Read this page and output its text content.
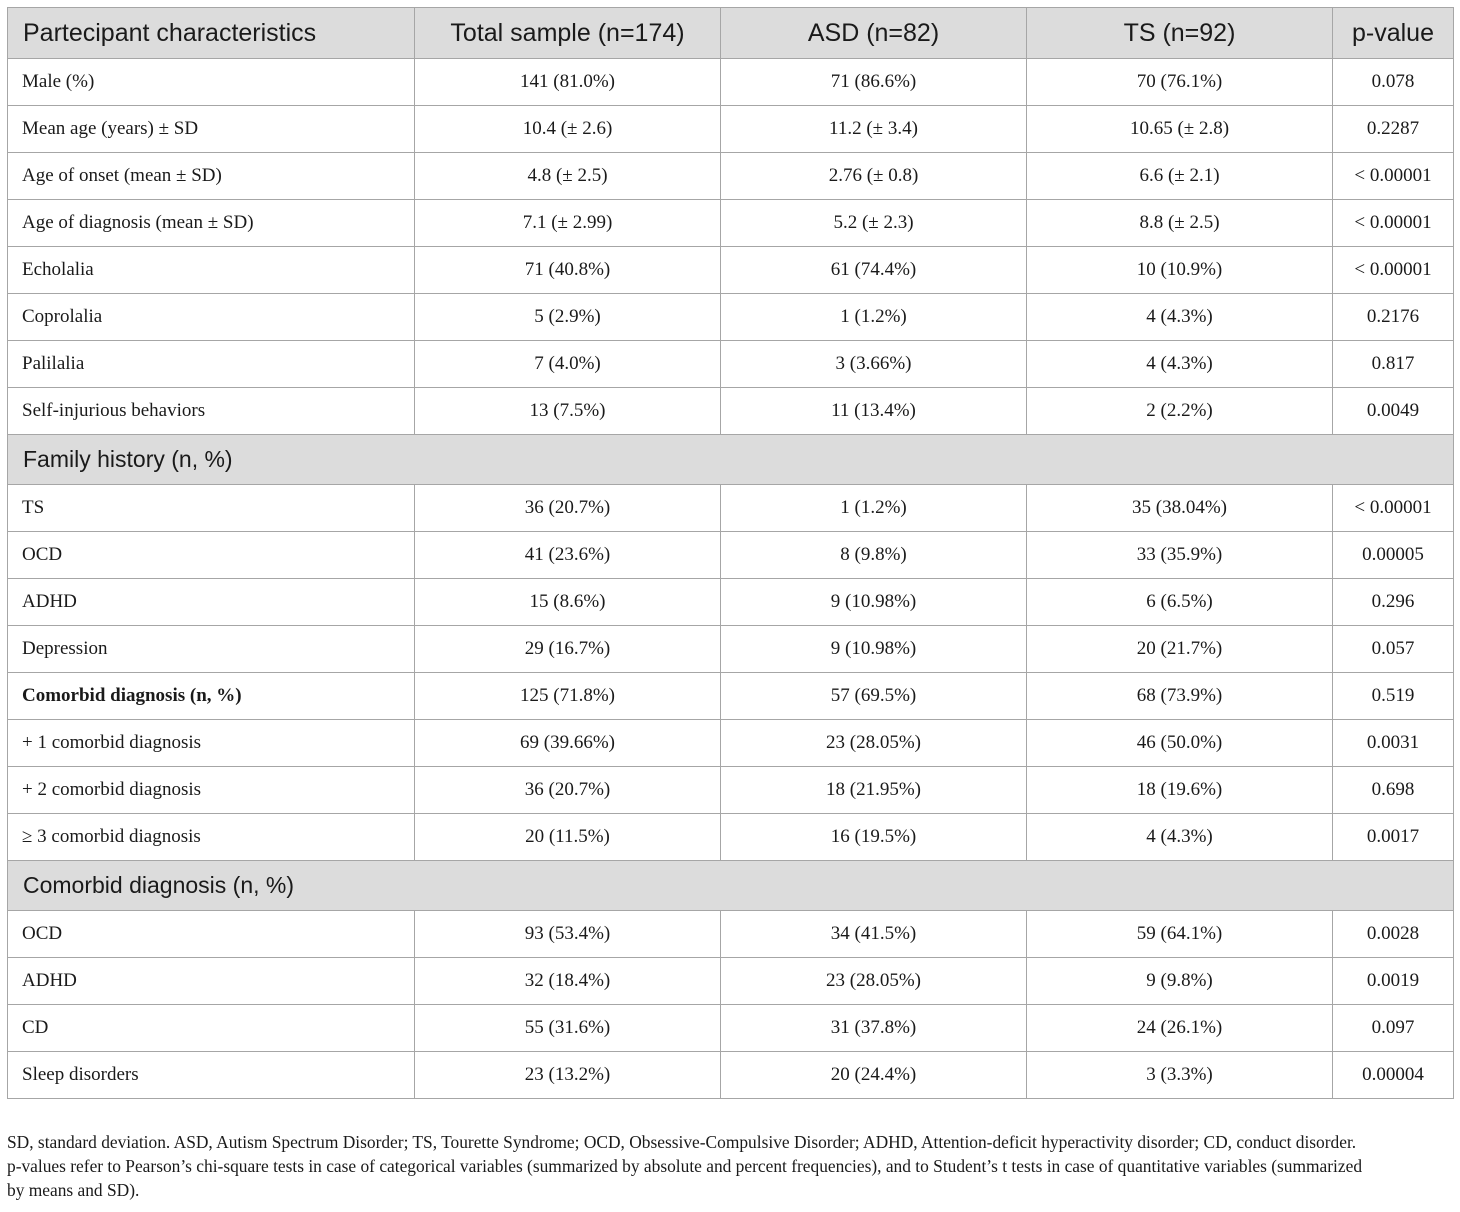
Partecipant characteristics	Total sample (n=174)	ASD (n=82)	TS (n=92)	p-value
Male (%)	141 (81.0%)	71 (86.6%)	70 (76.1%)	0.078
Mean age (years) ± SD	10.4 (± 2.6)	11.2 (± 3.4)	10.65 (± 2.8)	0.2287
Age of onset (mean ± SD)	4.8 (± 2.5)	2.76 (± 0.8)	6.6 (± 2.1)	< 0.00001
Age of diagnosis (mean ± SD)	7.1 (± 2.99)	5.2 (± 2.3)	8.8 (± 2.5)	< 0.00001
Echolalia	71 (40.8%)	61 (74.4%)	10 (10.9%)	< 0.00001
Coprolalia	5 (2.9%)	1 (1.2%)	4 (4.3%)	0.2176
Palilalia	7 (4.0%)	3 (3.66%)	4 (4.3%)	0.817
Self-injurious behaviors	13 (7.5%)	11 (13.4%)	2 (2.2%)	0.0049
Family history (n, %)				
TS	36 (20.7%)	1 (1.2%)	35 (38.04%)	< 0.00001
OCD	41 (23.6%)	8 (9.8%)	33 (35.9%)	0.00005
ADHD	15 (8.6%)	9 (10.98%)	6 (6.5%)	0.296
Depression	29 (16.7%)	9 (10.98%)	20 (21.7%)	0.057
Comorbid diagnosis (n, %)	125 (71.8%)	57 (69.5%)	68 (73.9%)	0.519
+ 1 comorbid diagnosis	69 (39.66%)	23 (28.05%)	46 (50.0%)	0.0031
+ 2 comorbid diagnosis	36 (20.7%)	18 (21.95%)	18 (19.6%)	0.698
≥ 3 comorbid diagnosis	20 (11.5%)	16 (19.5%)	4 (4.3%)	0.0017
Comorbid diagnosis (n, %)				
OCD	93 (53.4%)	34 (41.5%)	59 (64.1%)	0.0028
ADHD	32 (18.4%)	23 (28.05%)	9 (9.8%)	0.0019
CD	55 (31.6%)	31 (37.8%)	24 (26.1%)	0.097
Sleep disorders	23 (13.2%)	20 (24.4%)	3 (3.3%)	0.00004
SD, standard deviation. ASD, Autism Spectrum Disorder; TS, Tourette Syndrome; OCD, Obsessive-Compulsive Disorder; ADHD, Attention-deficit hyperactivity disorder; CD, conduct disorder.
p-values refer to Pearson’s chi-square tests in case of categorical variables (summarized by absolute and percent frequencies), and to Student’s t tests in case of quantitative variables (summarized
by means and SD).
